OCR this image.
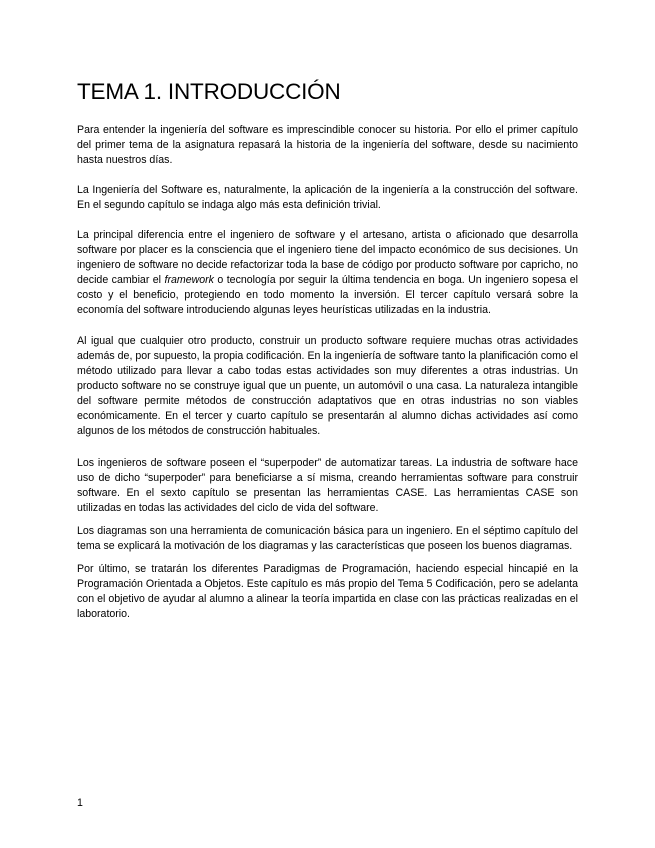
TEMA 1. INTRODUCCIÓN

Para entender la ingeniería del software es imprescindible conocer su historia. Por ello el primer capítulo del primer tema de la asignatura repasará la historia de la ingeniería del software, desde su nacimiento hasta nuestros días.

La Ingeniería del Software es, naturalmente, la aplicación de la ingeniería a la construcción del software. En el segundo capítulo se indaga algo más esta definición trivial.

La principal diferencia entre el ingeniero de software y el artesano, artista o aficionado que desarrolla software por placer es la consciencia que el ingeniero tiene del impacto económico de sus decisiones. Un ingeniero de software no decide refactorizar toda la base de código por producto software por capricho, no decide cambiar el framework o tecnología por seguir la última tendencia en boga. Un ingeniero sopesa el costo y el beneficio, protegiendo en todo momento la inversión. El tercer capítulo versará sobre la economía del software introduciendo algunas leyes heurísticas utilizadas en la industria.

Al igual que cualquier otro producto, construir un producto software requiere muchas otras actividades además de, por supuesto, la propia codificación. En la ingeniería de software tanto la planificación como el método utilizado para llevar a cabo todas estas actividades son muy diferentes a otras industrias. Un producto software no se construye igual que un puente, un automóvil o una casa. La naturaleza intangible del software permite métodos de construcción adaptativos que en otras industrias no son viables económicamente. En el tercer y cuarto capítulo se presentarán al alumno dichas actividades así como algunos de los métodos de construcción habituales.

Los ingenieros de software poseen el “superpoder” de automatizar tareas. La industria de software hace uso de dicho “superpoder” para beneficiarse a sí misma, creando herramientas software para construir software. En el sexto capítulo se presentan las herramientas CASE. Las herramientas CASE son utilizadas en todas las actividades del ciclo de vida del software.

Los diagramas son una herramienta de comunicación básica para un ingeniero. En el séptimo capítulo del tema se explicará la motivación de los diagramas y las características que poseen los buenos diagramas.

Por último, se tratarán los diferentes Paradigmas de Programación, haciendo especial hincapié en la Programación Orientada a Objetos. Este capítulo es más propio del Tema 5 Codificación, pero se adelanta con el objetivo de ayudar al alumno a alinear la teoría impartida en clase con las prácticas realizadas en el laboratorio.

1
